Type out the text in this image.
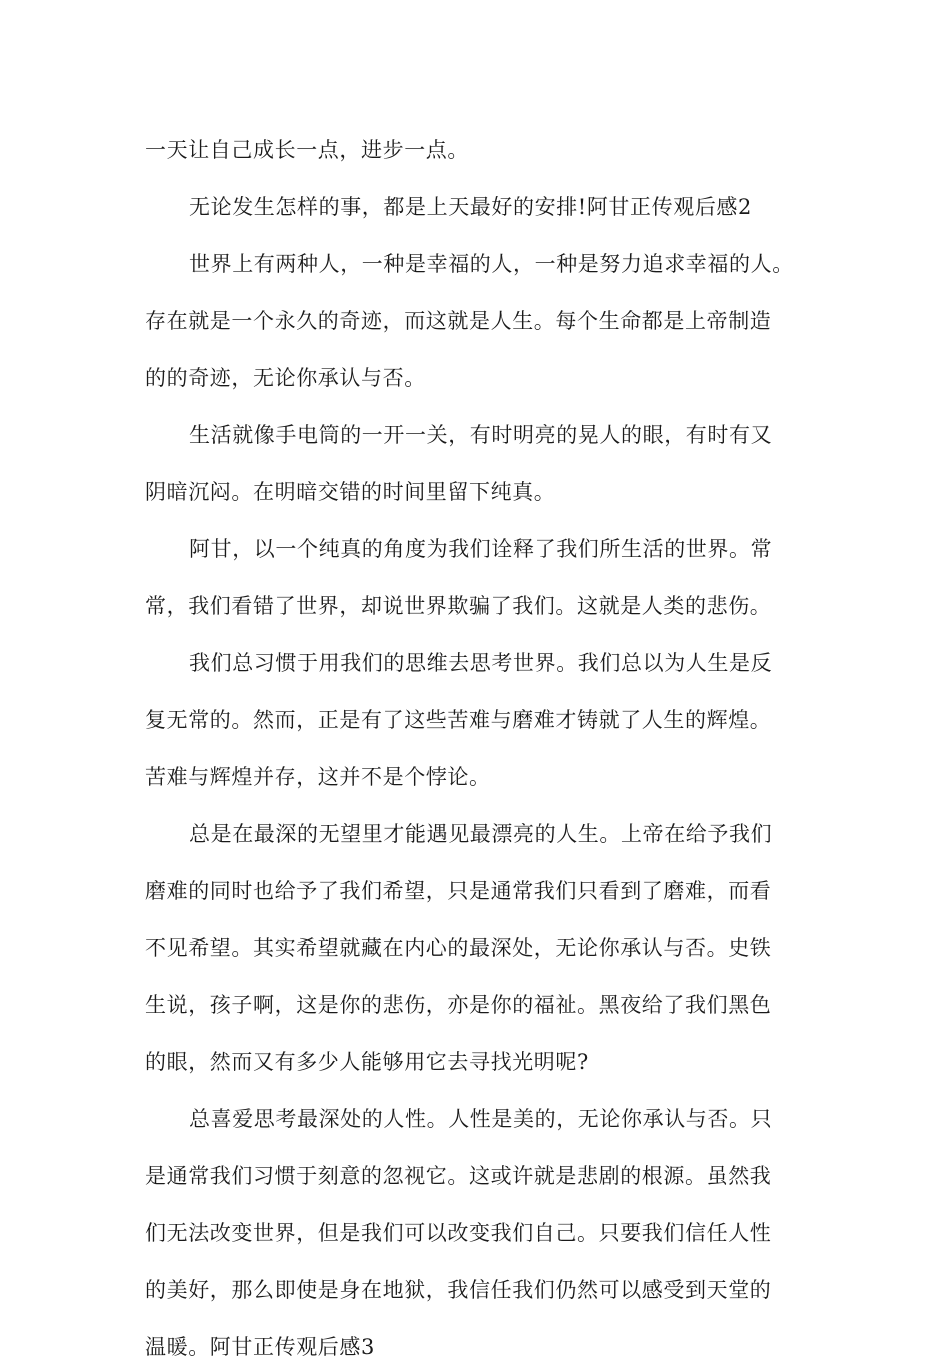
一天让自己成长一点，进步一点。
无论发生怎样的事，都是上天最好的安排!阿甘正传观后感2
世界上有两种人，一种是幸福的人，一种是努力追求幸福的人。
存在就是一个永久的奇迹，而这就是人生。每个生命都是上帝制造
的的奇迹，无论你承认与否。
生活就像手电筒的一开一关，有时明亮的晃人的眼，有时有又
阴暗沉闷。在明暗交错的时间里留下纯真。
阿甘，以一个纯真的角度为我们诠释了我们所生活的世界。常
常，我们看错了世界，却说世界欺骗了我们。这就是人类的悲伤。
我们总习惯于用我们的思维去思考世界。我们总以为人生是反
复无常的。然而，正是有了这些苦难与磨难才铸就了人生的辉煌。
苦难与辉煌并存，这并不是个悖论。
总是在最深的无望里才能遇见最漂亮的人生。上帝在给予我们
磨难的同时也给予了我们希望，只是通常我们只看到了磨难，而看
不见希望。其实希望就藏在内心的最深处，无论你承认与否。史铁
生说，孩子啊，这是你的悲伤，亦是你的福祉。黑夜给了我们黑色
的眼，然而又有多少人能够用它去寻找光明呢?
总喜爱思考最深处的人性。人性是美的，无论你承认与否。只
是通常我们习惯于刻意的忽视它。这或许就是悲剧的根源。虽然我
们无法改变世界，但是我们可以改变我们自己。只要我们信任人性
的美好，那么即使是身在地狱，我信任我们仍然可以感受到天堂的
温暖。阿甘正传观后感3
